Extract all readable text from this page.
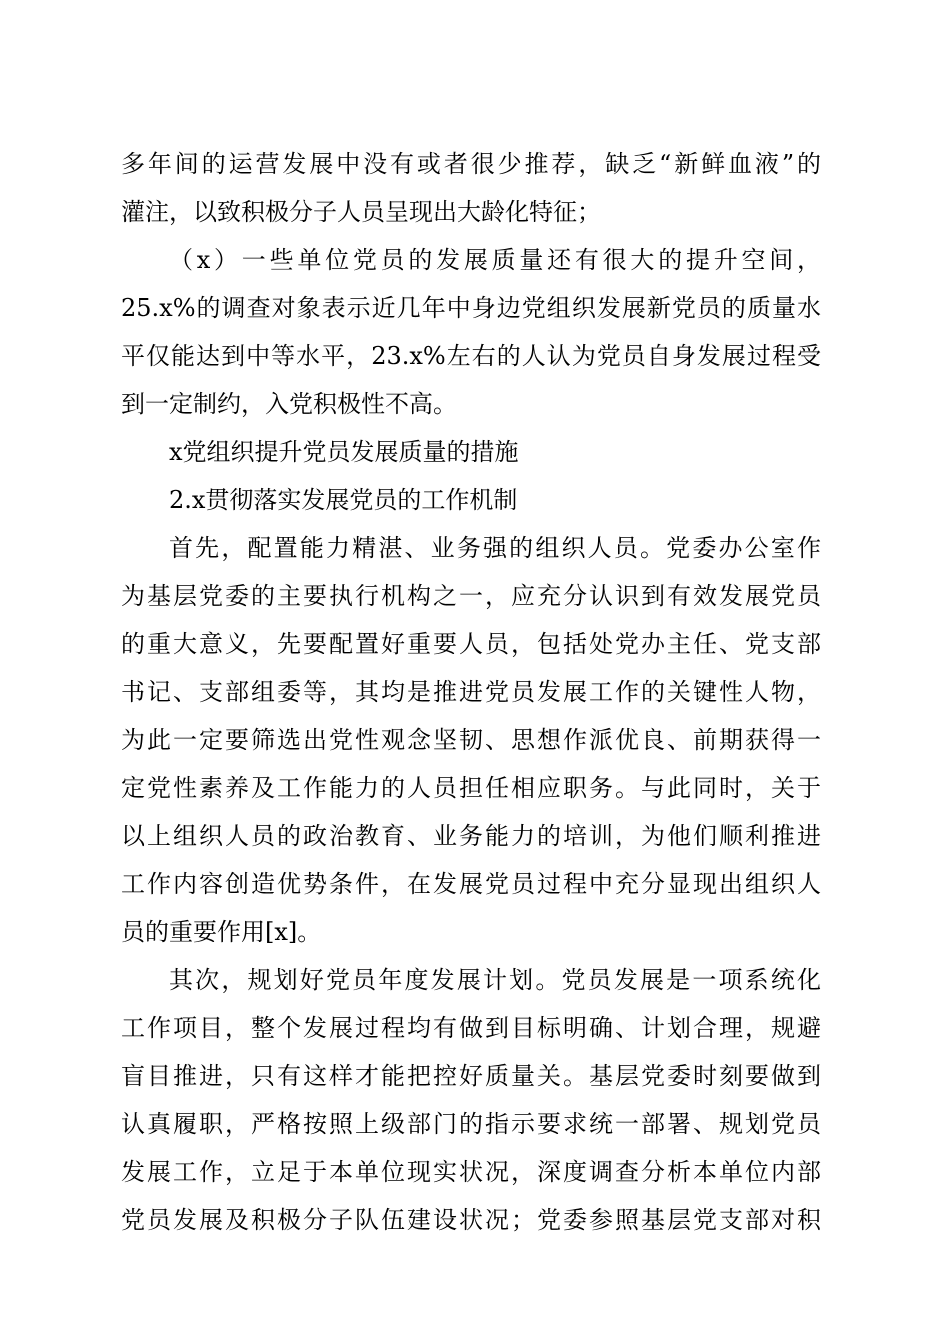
多年间的运营发展中没有或者很少推荐，缺乏“新鲜血液”的
灌注，以致积极分子人员呈现出大龄化特征；
（x）一些单位党员的发展质量还有很大的提升空间，
25.x%的调查对象表示近几年中身边党组织发展新党员的质量水
平仅能达到中等水平，23.x%左右的人认为党员自身发展过程受
到一定制约，入党积极性不高。
x党组织提升党员发展质量的措施
2.x贯彻落实发展党员的工作机制
首先，配置能力精湛、业务强的组织人员。党委办公室作
为基层党委的主要执行机构之一，应充分认识到有效发展党员
的重大意义，先要配置好重要人员，包括处党办主任、党支部
书记、支部组委等，其均是推进党员发展工作的关键性人物，
为此一定要筛选出党性观念坚韧、思想作派优良、前期获得一
定党性素养及工作能力的人员担任相应职务。与此同时，关于
以上组织人员的政治教育、业务能力的培训，为他们顺利推进
工作内容创造优势条件，在发展党员过程中充分显现出组织人
员的重要作用[x]。
其次，规划好党员年度发展计划。党员发展是一项系统化
工作项目，整个发展过程均有做到目标明确、计划合理，规避
盲目推进，只有这样才能把控好质量关。基层党委时刻要做到
认真履职，严格按照上级部门的指示要求统一部署、规划党员
发展工作，立足于本单位现实状况，深度调查分析本单位内部
党员发展及积极分子队伍建设状况；党委参照基层党支部对积
